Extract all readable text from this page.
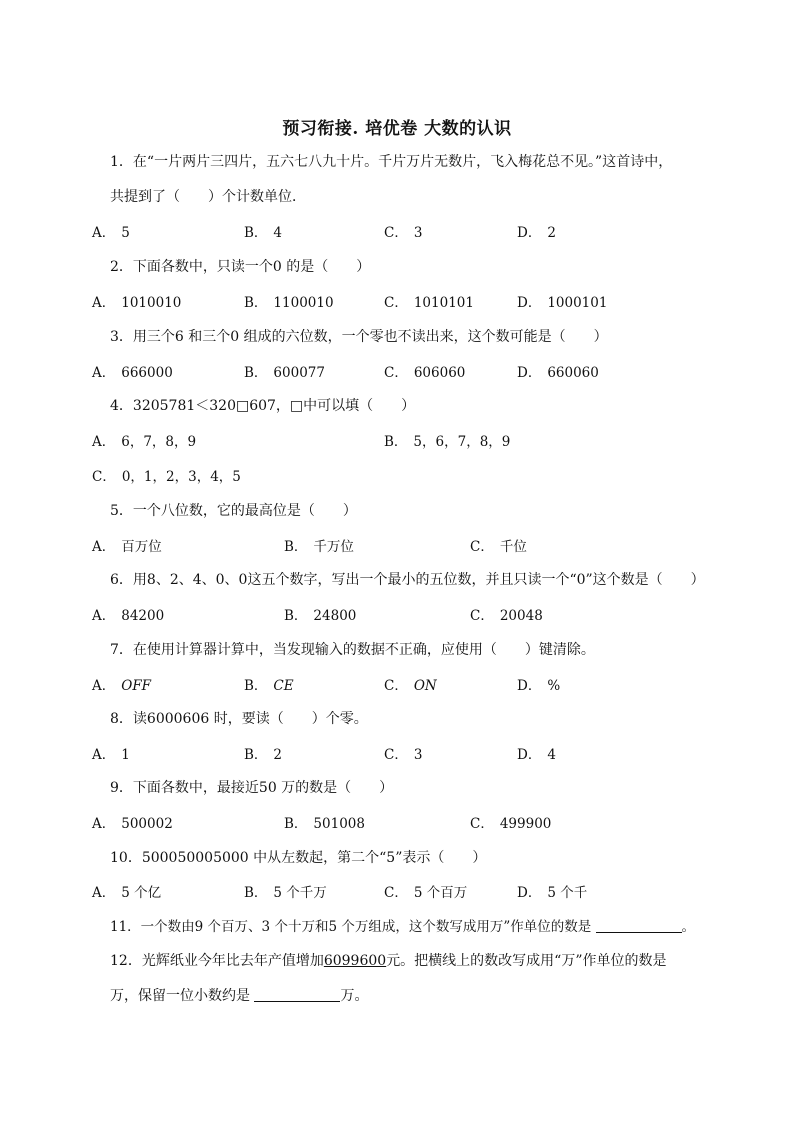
预习衔接. 培优卷 大数的认识
1．在“一片两片三四片，五六七八九十片。千片万片无数片，飞入梅花总不见。”这首诗中，
共提到了（　　）个计数单位．
A． 5	B． 4	C． 3	D． 2
2．下面各数中，只读一个0 的是（　　）
A． 1010010	B． 1100010	C． 1010101	D． 1000101
3．用三个6 和三个0 组成的六位数，一个零也不读出来，这个数可能是（　　）
A． 666000	B． 600077	C． 606060	D． 660060
4．3205781＜320□607，□中可以填（　　）
A． 6，7，8，9	B． 5，6，7，8，9
C． 0，1，2，3，4，5
5．一个八位数，它的最高位是（　　）
A． 百万位	B． 千万位	C． 千位
6．用8、2、4、0、0这五个数字，写出一个最小的五位数，并且只读一个“0”这个数是（　　）
A． 84200	B． 24800	C． 20048
7．在使用计算器计算中，当发现输入的数据不正确，应使用（　　）键清除。
A． OFF	B． CE	C． ON	D． %
8．读6000606 时，要读（　　）个零。
A． 1	B． 2	C． 3	D． 4
9．下面各数中，最接近50 万的数是（　　）
A． 500002	B． 501008	C． 499900
10．500050005000 中从左数起，第二个“5”表示（　　）
A． 5 个亿	B． 5 个千万	C． 5 个百万	D． 5 个千
11．一个数由9 个百万、3 个十万和5 个万组成，这个数写成用万”作单位的数是	。
12．光辉纸业今年比去年产值增加6099600元。把横线上的数改写成用“万”作单位的数是
万，保留一位小数约是	万。
